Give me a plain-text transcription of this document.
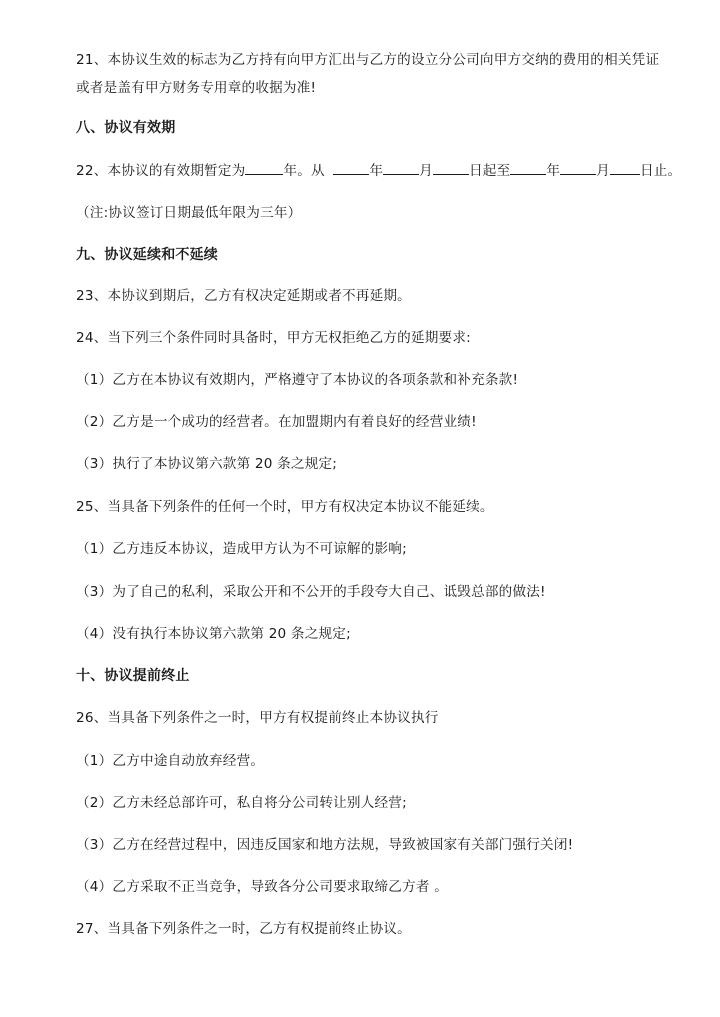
21、本协议生效的标志为乙方持有向甲方汇出与乙方的设立分公司向甲方交纳的费用的相关凭证
或者是盖有甲方财务专用章的收据为准!
八、协议有效期
22、本协议的有效期暂定为	年。从	年	月	日起至	年	月 日止。
（注:协议签订日期最低年限为三年）
九、协议延续和不延续
23、本协议到期后，乙方有权决定延期或者不再延期。
24、当下列三个条件同时具备时，甲方无权拒绝乙方的延期要求:
（1）乙方在本协议有效期内，严格遵守了本协议的各项条款和补充条款!
（2）乙方是一个成功的经营者。在加盟期内有着良好的经营业绩!
（3）执行了本协议第六款第 20 条之规定;
25、当具备下列条件的任何一个时，甲方有权决定本协议不能延续。
（1）乙方违反本协议，造成甲方认为不可谅解的影响;
（3）为了自己的私利，采取公开和不公开的手段夸大自己、诋毁总部的做法!
（4）没有执行本协议第六款第 20 条之规定;
十、协议提前终止
26、当具备下列条件之一时，甲方有权提前终止本协议执行
（1）乙方中途自动放弃经营。
（2）乙方未经总部许可，私自将分公司转让别人经营;
（3）乙方在经营过程中，因违反国家和地方法规，导致被国家有关部门强行关闭!
（4）乙方采取不正当竞争，导致各分公司要求取缔乙方者 。
27、当具备下列条件之一时，乙方有权提前终止协议。
